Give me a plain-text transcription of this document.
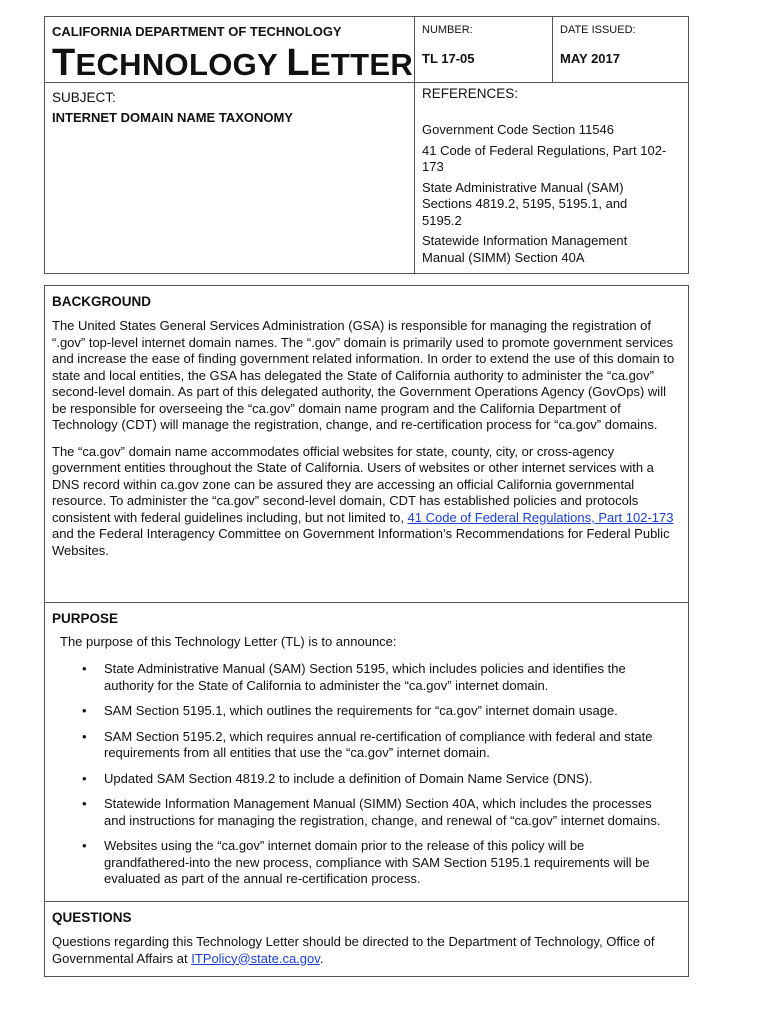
CALIFORNIA DEPARTMENT OF TECHNOLOGY
TECHNOLOGY LETTER
NUMBER:
TL 17-05
DATE ISSUED:
MAY 2017
SUBJECT:
INTERNET DOMAIN NAME TAXONOMY
REFERENCES:

Government Code Section 11546

41 Code of Federal Regulations, Part 102-173

State Administrative Manual (SAM) Sections 4819.2, 5195, 5195.1, and 5195.2

Statewide Information Management Manual (SIMM) Section 40A

BACKGROUND

The United States General Services Administration (GSA) is responsible for managing the registration of “.gov” top-level internet domain names. The “.gov” domain is primarily used to promote government services and increase the ease of finding government related information. In order to extend the use of this domain to state and local entities, the GSA has delegated the State of California authority to administer the “ca.gov” second-level domain. As part of this delegated authority, the Government Operations Agency (GovOps) will be responsible for overseeing the “ca.gov” domain name program and the California Department of Technology (CDT) will manage the registration, change, and re-certification process for “ca.gov” domains.

The “ca.gov” domain name accommodates official websites for state, county, city, or cross-agency government entities throughout the State of California. Users of websites or other internet services with a DNS record within ca.gov zone can be assured they are accessing an official California governmental resource. To administer the “ca.gov” second-level domain, CDT has established policies and protocols consistent with federal guidelines including, but not limited to, 41 Code of Federal Regulations, Part 102-173 and the Federal Interagency Committee on Government Information’s Recommendations for Federal Public Websites.

PURPOSE
The purpose of this Technology Letter (TL) is to announce:
• State Administrative Manual (SAM) Section 5195, which includes policies and identifies the authority for the State of California to administer the “ca.gov” internet domain.
• SAM Section 5195.1, which outlines the requirements for “ca.gov” internet domain usage.
• SAM Section 5195.2, which requires annual re-certification of compliance with federal and state requirements from all entities that use the “ca.gov” internet domain.
• Updated SAM Section 4819.2 to include a definition of Domain Name Service (DNS).
• Statewide Information Management Manual (SIMM) Section 40A, which includes the processes and instructions for managing the registration, change, and renewal of “ca.gov” internet domains.
• Websites using the “ca.gov” internet domain prior to the release of this policy will be grandfathered-into the new process, compliance with SAM Section 5195.1 requirements will be evaluated as part of the annual re-certification process.
QUESTIONS
Questions regarding this Technology Letter should be directed to the Department of Technology, Office of Governmental Affairs at ITPolicy@state.ca.gov.
